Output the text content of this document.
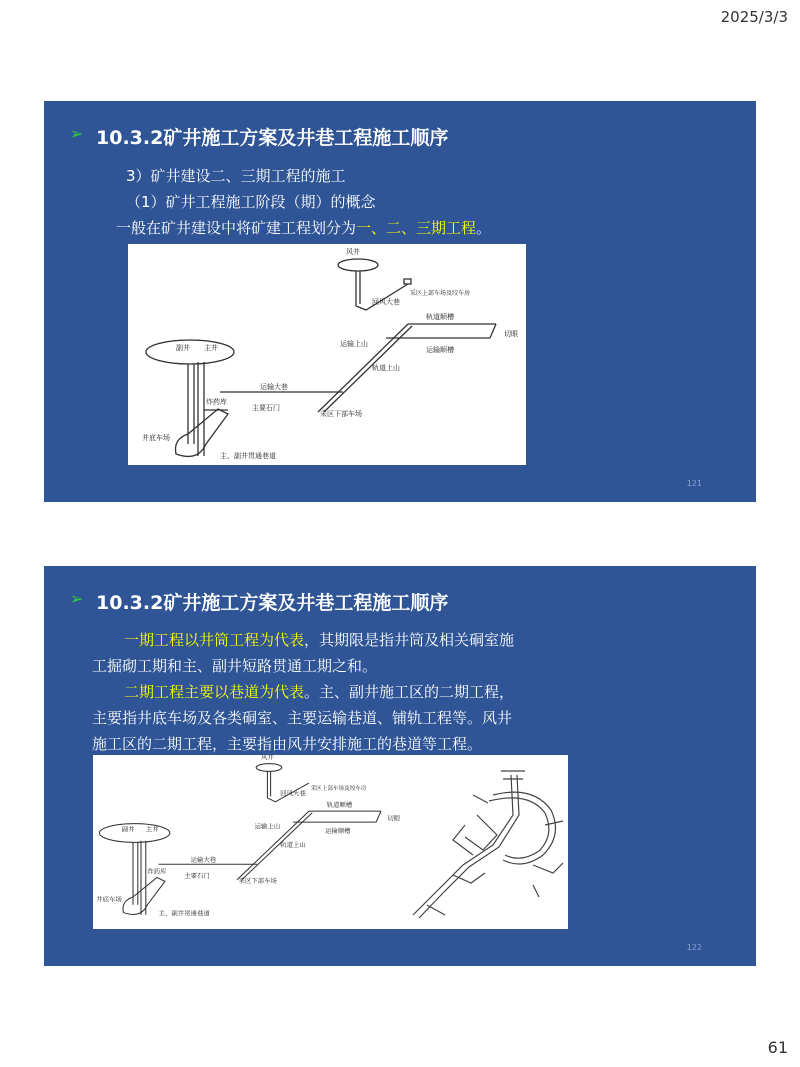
2025/3/3
➢ 10.3.2矿井施工方案及井巷工程施工顺序
3）矿井建设二、三期工程的施工
（1）矿井工程施工阶段（期）的概念
一般在矿井建设中将矿建工程划分为一、二、三期工程。
风井
回风大巷
采区上部车场及绞车房
轨道顺槽
切眼
运输上山
运输顺槽
轨道上山
副井 主井
运输大巷
炸药库
主要石门
采区下部车场
井底车场
主、副井贯通巷道
121
➢ 10.3.2矿井施工方案及井巷工程施工顺序
一期工程以井筒工程为代表，其期限是指井筒及相关硐室施
工掘砌工期和主、副井短路贯通工期之和。
二期工程主要以巷道为代表。主、副井施工区的二期工程，
主要指井底车场及各类硐室、主要运输巷道、铺轨工程等。风井
施工区的二期工程，主要指由风井安排施工的巷道等工程。
风井
回风大巷
采区上部车场及绞车房
轨道顺槽
切眼
运输上山
运输顺槽
轨道上山
副井 主井
运输大巷
炸药库
主要石门
采区下部车场
井底车场
主、副井贯通巷道
122
61
